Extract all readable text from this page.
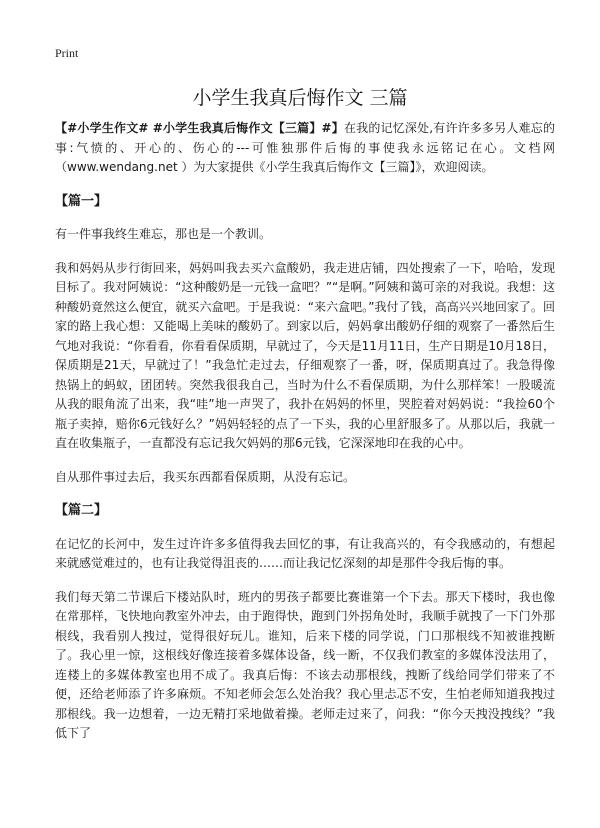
Print
小学生我真后悔作文 三篇

【#小学生作文# #小学生我真后悔作文【三篇】#】在我的记忆深处,有许许多多另人难忘的事:气愤的、开心的、伤心的---可惟独那件后悔的事使我永远铭记在心。文档网（www.wendang.net ）为大家提供《小学生我真后悔作文【三篇】》，欢迎阅读。

【篇一】

有一件事我终生难忘，那也是一个教训。

我和妈妈从步行街回来，妈妈叫我去买六盒酸奶，我走进店铺，四处搜索了一下，哈哈，发现目标了。我对阿姨说：“这种酸奶是一元钱一盒吧？”“是啊。”阿姨和蔼可亲的对我说。我想：这种酸奶竟然这么便宜，就买六盒吧。于是我说：“来六盒吧。”我付了钱，高高兴兴地回家了。回家的路上我心想：又能喝上美味的酸奶了。到家以后，妈妈拿出酸奶仔细的观察了一番然后生气地对我说：“你看看，你看看保质期，早就过了，今天是11月11日，生产日期是10月18日，保质期是21天，早就过了！”我急忙走过去，仔细观察了一番，呀，保质期真过了。我急得像热锅上的蚂蚁，团团转。突然我很我自己，当时为什么不看保质期，为什么那样笨！一股暖流从我的眼角流了出来，我“哇”地一声哭了，我扑在妈妈的怀里，哭腔着对妈妈说：“我捡60个瓶子卖掉，赔你6元钱好么？”妈妈轻轻的点了一下头，我的心里舒服多了。从那以后，我就一直在收集瓶子，一直都没有忘记我欠妈妈的那6元钱，它深深地印在我的心中。

自从那件事过去后，我买东西都看保质期，从没有忘记。

【篇二】

在记忆的长河中，发生过许许多多值得我去回忆的事，有让我高兴的，有令我感动的，有想起来就感觉难过的，也有让我觉得沮丧的……而让我记忆深刻的却是那件令我后悔的事。

我们每天第二节课后下楼站队时，班内的男孩子都要比赛谁第一个下去。那天下楼时，我也像在常那样，飞快地向教室外冲去，由于跑得快，跑到门外拐角处时，我顺手就拽了一下门外那根线，我看别人拽过，觉得很好玩儿。谁知，后来下楼的同学说，门口那根线不知被谁拽断了。我心里一惊，这根线好像连接着多媒体设备，线一断，不仅我们教室的多媒体没法用了，连楼上的多媒体教室也用不成了。我真后悔：不该去动那根线，拽断了线给同学们带来了不便，还给老师添了许多麻烦。不知老师会怎么处治我？我心里忐忑不安，生怕老师知道我拽过那根线。我一边想着，一边无精打采地做着操。老师走过来了，问我：“你今天拽没拽线？”我低下了
